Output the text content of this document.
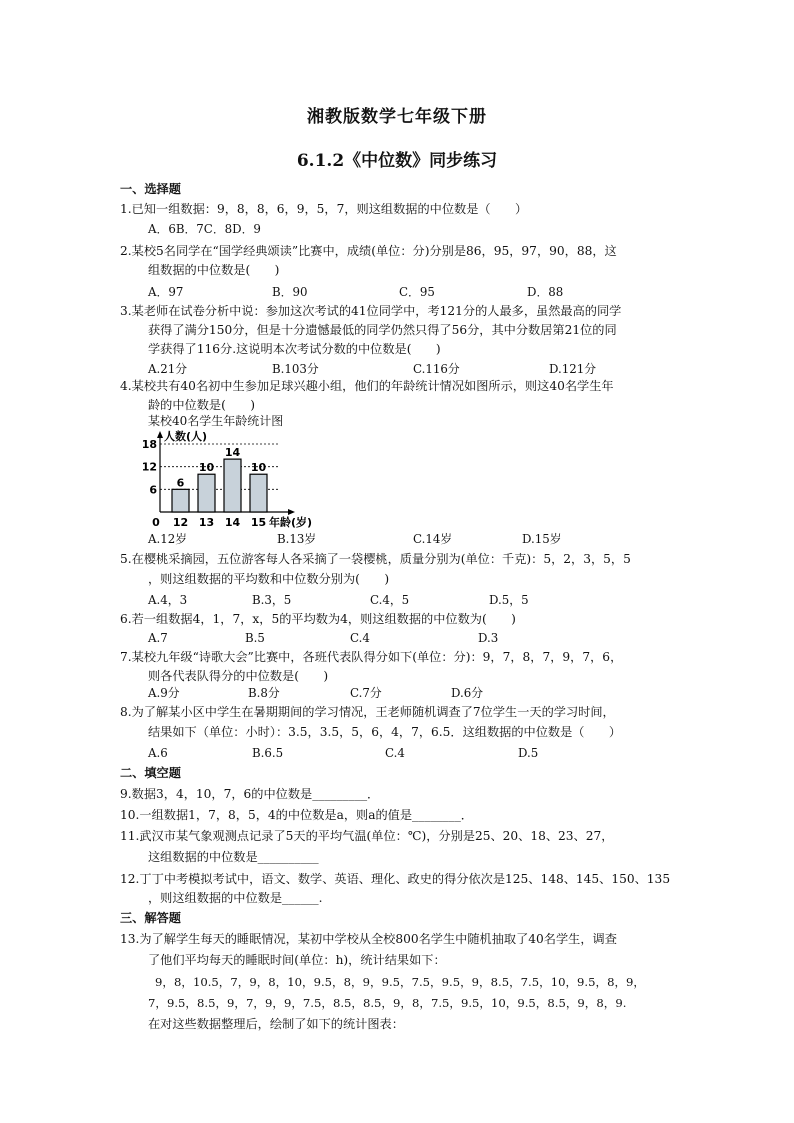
湘教版数学七年级下册
6.1.2《中位数》同步练习
一、选择题
1.已知一组数据：9，8，8，6，9，5，7，则这组数据的中位数是（　　）
A．6B．7C．8D．9
2.某校5名同学在“国学经典颂读”比赛中，成绩(单位：分)分别是86，95，97，90，88，这
组数据的中位数是(　　)
A．97	B．90	C．95	D．88
3.某老师在试卷分析中说：参加这次考试的41位同学中，考121分的人最多，虽然最高的同学
获得了满分150分，但是十分遗憾最低的同学仍然只得了56分，其中分数居第21位的同
学获得了116分.这说明本次考试分数的中位数是(　　)
A.21分	B.103分	C.116分	D.121分
4.某校共有40名初中生参加足球兴趣小组，他们的年龄统计情况如图所示，则这40名学生年
龄的中位数是(　　)
某校40名学生年龄统计图
0
6
12
18
人数(人)
6
12
10
13
14
14
10
15 年龄(岁)
A.12岁	B.13岁	C.14岁	D.15岁
5.在樱桃采摘园，五位游客每人各采摘了一袋樱桃，质量分别为(单位：千克)：5，2，3，5，5
，则这组数据的平均数和中位数分别为(　　)
A.4，3	B.3，5	C.4，5	D.5，5
6.若一组数据4，1，7，x，5的平均数为4，则这组数据的中位数为(　　)
A.7	B.5	C.4	D.3
7.某校九年级“诗歌大会”比赛中，各班代表队得分如下(单位：分)：9，7，8，7，9，7，6，
则各代表队得分的中位数是(　　)
A.9分	B.8分	C.7分	D.6分
8.为了解某小区中学生在暑期期间的学习情况，王老师随机调查了7位学生一天的学习时间，
结果如下（单位：小时）：3.5，3.5，5，6，4，7，6.5．这组数据的中位数是（　　）
A.6	B.6.5	C.4	D.5
二、填空题
9.数据3，4，10，7，6的中位数是_________．
10.一组数据1，7，8，5，4的中位数是a，则a的值是________．
11.武汉市某气象观测点记录了5天的平均气温(单位：℃)，分别是25、20、18、23、27，
这组数据的中位数是__________
12.丁丁中考模拟考试中，语文、数学、英语、理化、政史的得分依次是125、148、145、150、135
，则这组数据的中位数是______.
三、解答题
13.为了解学生每天的睡眠情况，某初中学校从全校800名学生中随机抽取了40名学生，调查
了他们平均每天的睡眠时间(单位：h)，统计结果如下：
9，8，10.5，7，9，8，10，9.5，8，9，9.5，7.5，9.5，9，8.5，7.5，10，9.5，8，9，
7，9.5，8.5，9，7，9，9，7.5，8.5，8.5，9，8，7.5，9.5，10，9.5，8.5，9，8，9.
在对这些数据整理后，绘制了如下的统计图表：
